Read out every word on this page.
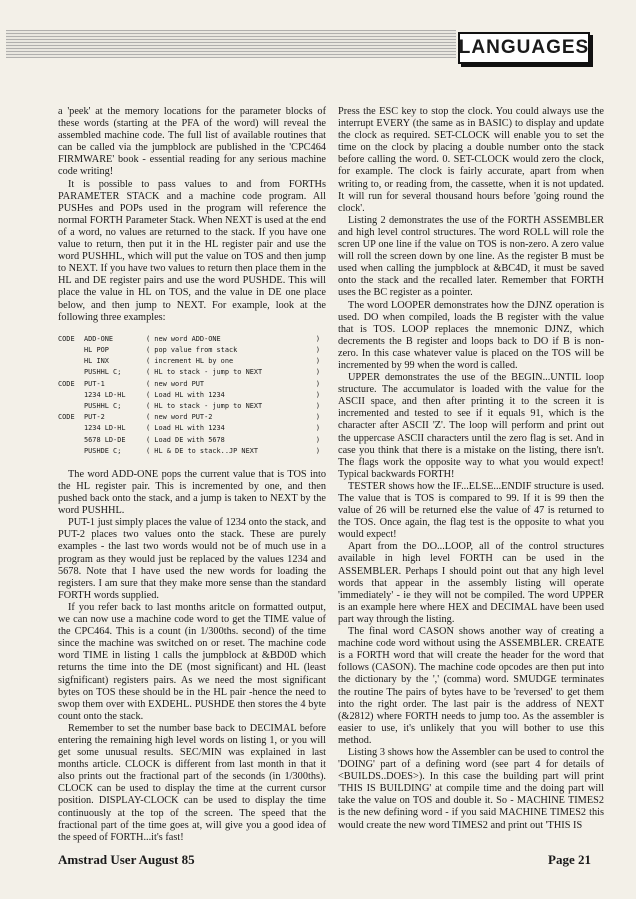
LANGUAGES

a 'peek' at the memory locations for the parameter blocks of these words (starting at the PFA of the word) will reveal the assembled machine code. The full list of available routines that can be called via the jumpblock are published in the 'CPC464 FIRMWARE' book - essential reading for any serious machine code writing!

It is possible to pass values to and from FORTHs PARAMETER STACK and a machine code program. All PUSHes and POPs used in the program will reference the normal FORTH Parameter Stack. When NEXT is used at the end of a word, no values are returned to the stack. If you have one value to return, then put it in the HL register pair and use the word PUSHHL, which will put the value on TOS and then jump to NEXT. If you have two values to return then place them in the HL and DE register pairs and use the word PUSHDE. This will place the value in HL on TOS, and the value in DE one place below, and then jump to NEXT. For example, look at the following three examples:

CODE	ADD-ONE	( new word ADD-ONE	)
HL POP	( pop value from stack	)
HL INX	( increment HL by one	)
PUSHHL C;	( HL to stack - jump to NEXT	)
CODE	PUT-1	( new word PUT	)
1234 LD-HL	( Load HL with 1234	)
PUSHHL C;	( HL to stack - jump to NEXT	)
CODE	PUT-2	( new word PUT-2	)
1234 LD-HL	( Load HL with 1234	)
5678 LD-DE	( Load DE with 5678	)
PUSHDE C;	( HL & DE to stack..JP NEXT	)

The word ADD-ONE pops the current value that is TOS into the HL register pair. This is incremented by one, and then pushed back onto the stack, and a jump is taken to NEXT by the word PUSHHL.

PUT-1 just simply places the value of 1234 onto the stack, and PUT-2 places two values onto the stack. These are purely examples - the last two words would not be of much use in a program as they would just be replaced by the values 1234 and 5678. Note that I have used the new words for loading the registers. I am sure that they make more sense than the standard FORTH words supplied.

If you refer back to last months aritcle on formatted output, we can now use a machine code word to get the TIME value of the CPC464. This is a count (in 1/300ths. second) of the time since the machine was switched on or reset. The machine code word TIME in listing 1 calls the jumpblock at &BD0D which returns the time into the DE (most significant) and HL (least sigfnificant) registers pairs. As we need the most significant bytes on TOS these should be in the HL pair -hence the need to swop them over with EXDEHL. PUSHDE then stores the 4 byte count onto the stack.

Remember to set the number base back to DECIMAL before entering the remaining high level words on listing 1, or you will get some unusual results. SEC/MIN was explained in last months article. CLOCK is different from last month in that it also prints out the fractional part of the seconds (in 1/300ths). CLOCK can be used to display the time at the current cursor position. DISPLAY-CLOCK can be used to display the time continuously at the top of the screen. The speed that the fractional part of the time goes at, will give you a good idea of the speed of FORTH...it's fast!

Press the ESC key to stop the clock. You could always use the interrupt EVERY (the same as in BASIC) to display and update the clock as required. SET-CLOCK will enable you to set the time on the clock by placing a double number onto the stack before calling the word. 0. SET-CLOCK would zero the clock, for example. The clock is fairly accurate, apart from when writing to, or reading from, the cassette, when it is not updated. It will run for several thousand hours before 'going round the clock'.

Listing 2 demonstrates the use of the FORTH ASSEMBLER and high level control structures. The word ROLL will role the scren UP one line if the value on TOS is non-zero. A zero value will roll the screen down by one line. As the register B must be used when calling the jumpblock at &BC4D, it must be saved onto the stack and the recalled later. Remember that FORTH uses the BC register as a pointer.

The word LOOPER demonstrates how the DJNZ operation is used. DO when compiled, loads the B register with the value that is TOS. LOOP replaces the mnemonic DJNZ, which decrements the B register and loops back to DO if B is non-zero. In this case whatever value is placed on the TOS will be incremented by 99 when the word is called.

UPPER demonstrates the use of the BEGIN...UNTIL loop structure. The accumulator is loaded with the value for the ASCII space, and then after printing it to the screen it is incremented and tested to see if it equals 91, which is the character after ASCII 'Z'. The loop will perform and print out the uppercase ASCII characters until the zero flag is set. And in case you think that there is a mistake on the listing, there isn't. The flags work the opposite way to what you would expect! Typical backwards FORTH!

TESTER shows how the IF...ELSE...ENDIF structure is used. The value that is TOS is compared to 99. If it is 99 then the value of 26 will be returned else the value of 47 is returned to the TOS. Once again, the flag test is the opposite to what you would expect!

Apart from the DO...LOOP, all of the control structures available in high level FORTH can be used in the ASSEMBLER. Perhaps I should point out that any high level words that appear in the assembly listing will operate 'immediately' - ie they will not be compiled. The word UPPER is an example here where HEX and DECIMAL have been used part way through the listing.

The final word CASON shows another way of creating a machine code word without using the ASSEMBLER. CREATE is a FORTH word that will create the header for the word that follows (CASON). The machine code opcodes are then put into the dictionary by the ',' (comma) word. SMUDGE terminates the routine The pairs of bytes have to be 'reversed' to get them into the right order. The last pair is the address of NEXT (&2812) where FORTH needs to jump too. As the assembler is easier to use, it's unlikely that you will bother to use this method.

Listing 3 shows how the Assembler can be used to control the 'DOING' part of a defining word (see part 4 for details of <BUILDS..DOES>). In this case the building part will print 'THIS IS BUILDING' at compile time and the doing part will take the value on TOS and double it. So - MACHINE TIMES2 is the new defining word - if you said MACHINE TIMES2 this would create the new word TIMES2 and print out 'THIS IS

Amstrad User August 85	Page 21
